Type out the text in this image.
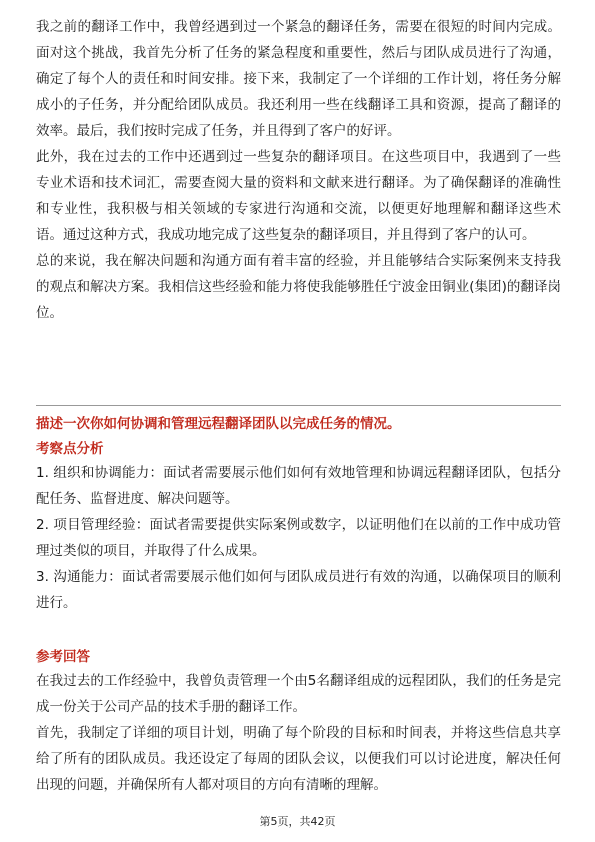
我之前的翻译工作中，我曾经遇到过一个紧急的翻译任务，需要在很短的时间内完成。面对这个挑战，我首先分析了任务的紧急程度和重要性，然后与团队成员进行了沟通，确定了每个人的责任和时间安排。接下来，我制定了一个详细的工作计划，将任务分解成小的子任务，并分配给团队成员。我还利用一些在线翻译工具和资源，提高了翻译的效率。最后，我们按时完成了任务，并且得到了客户的好评。

此外，我在过去的工作中还遇到过一些复杂的翻译项目。在这些项目中，我遇到了一些专业术语和技术词汇，需要查阅大量的资料和文献来进行翻译。为了确保翻译的准确性和专业性，我积极与相关领域的专家进行沟通和交流，以便更好地理解和翻译这些术语。通过这种方式，我成功地完成了这些复杂的翻译项目，并且得到了客户的认可。

总的来说，我在解决问题和沟通方面有着丰富的经验，并且能够结合实际案例来支持我的观点和解决方案。我相信这些经验和能力将使我能够胜任宁波金田铜业(集团)的翻译岗位。

描述一次你如何协调和管理远程翻译团队以完成任务的情况。

考察点分析

1. 组织和协调能力：面试者需要展示他们如何有效地管理和协调远程翻译团队，包括分配任务、监督进度、解决问题等。

2. 项目管理经验：面试者需要提供实际案例或数字，以证明他们在以前的工作中成功管理过类似的项目，并取得了什么成果。

3. 沟通能力：面试者需要展示他们如何与团队成员进行有效的沟通，以确保项目的顺利进行。

参考回答

在我过去的工作经验中，我曾负责管理一个由5名翻译组成的远程团队，我们的任务是完成一份关于公司产品的技术手册的翻译工作。

首先，我制定了详细的项目计划，明确了每个阶段的目标和时间表，并将这些信息共享给了所有的团队成员。我还设定了每周的团队会议，以便我们可以讨论进度，解决任何出现的问题，并确保所有人都对项目的方向有清晰的理解。

第5页，共42页
